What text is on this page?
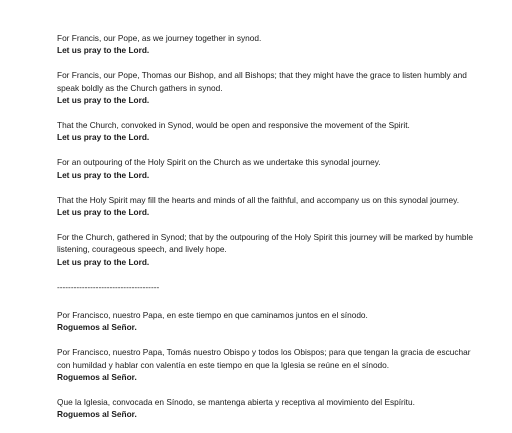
For Francis, our Pope, as we journey together in synod.

Let us pray to the Lord.

For Francis, our Pope, Thomas our Bishop, and all Bishops; that they might have the grace to listen humbly and speak boldly as the Church gathers in synod.

Let us pray to the Lord.

That the Church, convoked in Synod, would be open and responsive the movement of the Spirit.

Let us pray to the Lord.

For an outpouring of the Holy Spirit on the Church as we undertake this synodal journey.

Let us pray to the Lord.

That the Holy Spirit may fill the hearts and minds of all the faithful, and accompany us on this synodal journey.

Let us pray to the Lord.

For the Church, gathered in Synod; that by the outpouring of the Holy Spirit this journey will be marked by humble listening, courageous speech, and lively hope.

Let us pray to the Lord.

-------------------------------------

Por Francisco, nuestro Papa, en este tiempo en que caminamos juntos en el sínodo.

Roguemos al Señor.

Por Francisco, nuestro Papa, Tomás nuestro Obispo y todos los Obispos; para que tengan la gracia de escuchar con humildad y hablar con valentía en este tiempo en que la Iglesia se reúne en el sínodo.

Roguemos al Señor.

Que la Iglesia, convocada en Sínodo, se mantenga abierta y receptiva al movimiento del Espíritu.

Roguemos al Señor.
